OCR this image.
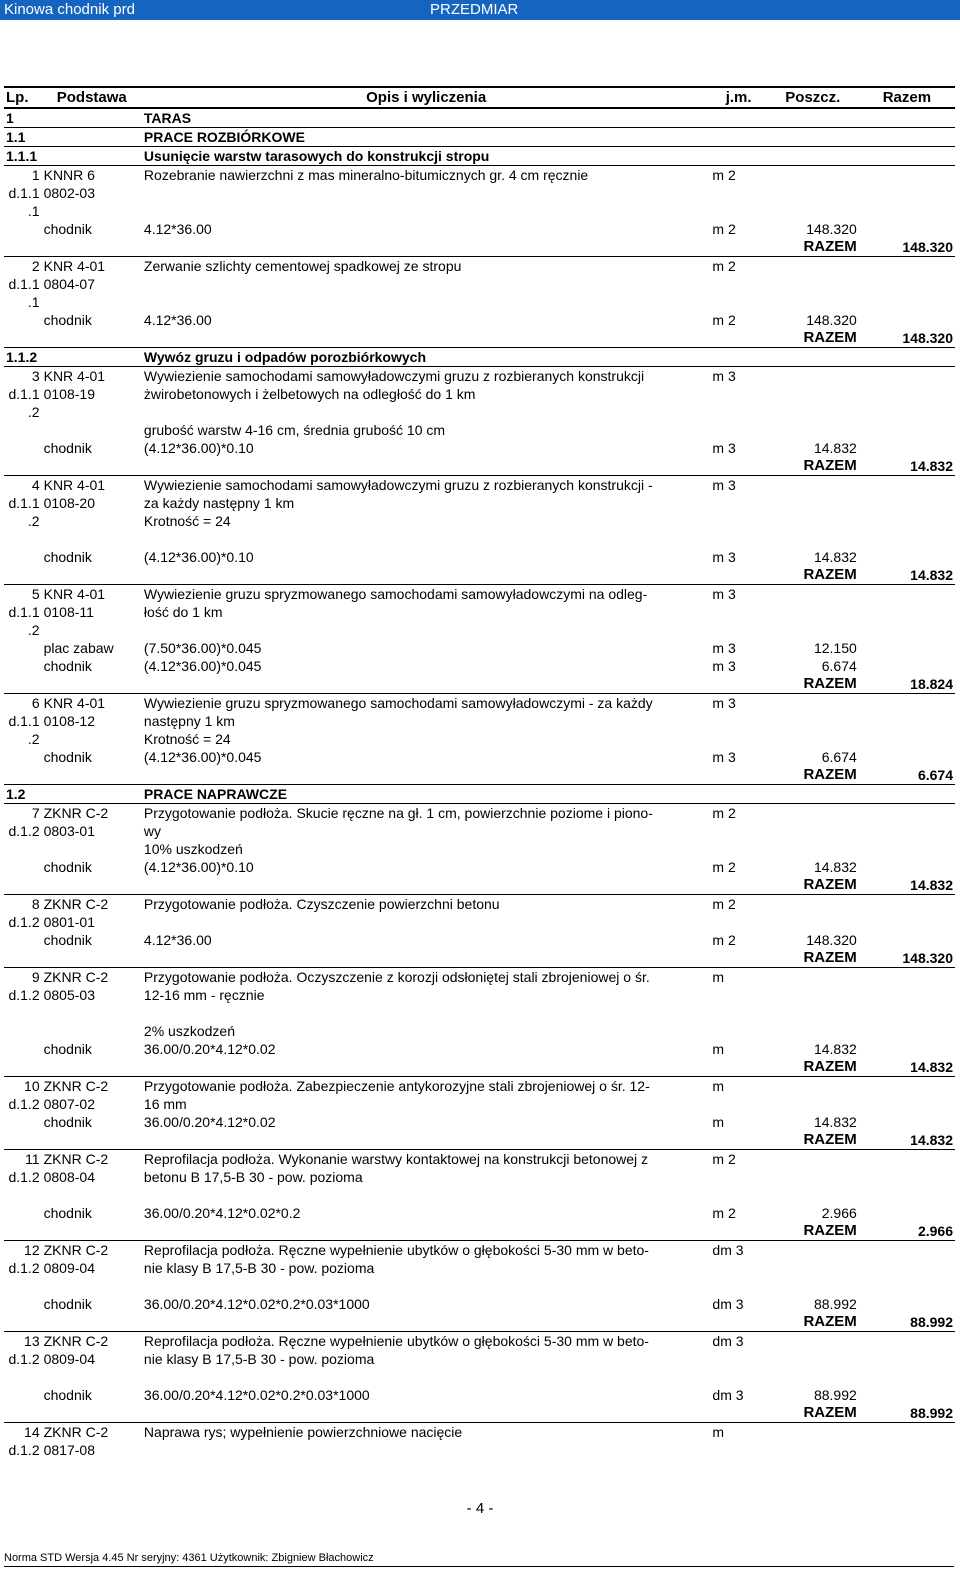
Kinowa chodnik prd	PRZEDMIAR
Lp.	Podstawa	Opis i wyliczenia	j.m.	Poszcz.	Razem
1		TARAS			
1.1		PRACE ROZBIÓRKOWE			
1.1.1		Usunięcie warstw tarasowych do konstrukcji stropu			
1	KNNR 6	Rozebranie nawierzchni z mas mineralno-bitumicznych gr. 4 cm ręcznie	m 2		
d.1.1	0802-03				
.1					
	chodnik	4.12*36.00	m 2	148.320	
				RAZEM	148.320
2	KNR 4-01	Zerwanie szlichty cementowej spadkowej ze stropu	m 2		
d.1.1	0804-07				
.1					
	chodnik	4.12*36.00	m 2	148.320	
				RAZEM	148.320
1.1.2		Wywóz gruzu i odpadów porozbiórkowych			
3	KNR 4-01	Wywiezienie samochodami samowyładowczymi gruzu z rozbieranych konstrukcji	m 3		
d.1.1	0108-19	żwirobetonowych i żelbetowych na odległość do 1 km			
.2					
		grubość warstw 4-16 cm, średnia grubość 10 cm			
	chodnik	(4.12*36.00)*0.10	m 3	14.832	
				RAZEM	14.832
4	KNR 4-01	Wywiezienie samochodami samowyładowczymi gruzu z rozbieranych konstrukcji -	m 3		
d.1.1	0108-20	za każdy następny 1 km			
.2		Krotność = 24			

	chodnik	(4.12*36.00)*0.10	m 3	14.832	
				RAZEM	14.832
5	KNR 4-01	Wywiezienie gruzu spryzmowanego samochodami samowyładowczymi na odleg-	m 3		
d.1.1	0108-11	łość do 1 km			
.2					
	plac zabaw	(7.50*36.00)*0.045	m 3	12.150	
	chodnik	(4.12*36.00)*0.045	m 3	6.674	
				RAZEM	18.824
6	KNR 4-01	Wywiezienie gruzu spryzmowanego samochodami samowyładowczymi - za każdy	m 3		
d.1.1	0108-12	następny 1 km			
.2		Krotność = 24			
	chodnik	(4.12*36.00)*0.045	m 3	6.674	
				RAZEM	6.674
1.2		PRACE NAPRAWCZE			
7	ZKNR C-2	Przygotowanie podłoża. Skucie ręczne na gł. 1 cm, powierzchnie poziome i piono-	m 2		
d.1.2	0803-01	wy			
		10% uszkodzeń			
	chodnik	(4.12*36.00)*0.10	m 2	14.832	
				RAZEM	14.832
8	ZKNR C-2	Przygotowanie podłoża. Czyszczenie powierzchni betonu	m 2		
d.1.2	0801-01				
	chodnik	4.12*36.00	m 2	148.320	
				RAZEM	148.320
9	ZKNR C-2	Przygotowanie podłoża. Oczyszczenie z korozji odsłoniętej stali zbrojeniowej o śr.	m		
d.1.2	0805-03	12-16 mm - ręcznie			

		2% uszkodzeń			
	chodnik	36.00/0.20*4.12*0.02	m	14.832	
				RAZEM	14.832
10	ZKNR C-2	Przygotowanie podłoża. Zabezpieczenie antykorozyjne stali zbrojeniowej o śr. 12-	m		
d.1.2	0807-02	16 mm			
	chodnik	36.00/0.20*4.12*0.02	m	14.832	
				RAZEM	14.832
11	ZKNR C-2	Reprofilacja podłoża. Wykonanie warstwy kontaktowej na konstrukcji betonowej z	m 2		
d.1.2	0808-04	betonu B 17,5-B 30 - pow. pozioma			

	chodnik	36.00/0.20*4.12*0.02*0.2	m 2	2.966	
				RAZEM	2.966
12	ZKNR C-2	Reprofilacja podłoża. Ręczne wypełnienie ubytków o głębokości 5-30 mm w beto-	dm 3		
d.1.2	0809-04	nie klasy B 17,5-B 30 - pow. pozioma			

	chodnik	36.00/0.20*4.12*0.02*0.2*0.03*1000	dm 3	88.992	
				RAZEM	88.992
13	ZKNR C-2	Reprofilacja podłoża. Ręczne wypełnienie ubytków o głębokości 5-30 mm w beto-	dm 3		
d.1.2	0809-04	nie klasy B 17,5-B 30 - pow. pozioma			

	chodnik	36.00/0.20*4.12*0.02*0.2*0.03*1000	dm 3	88.992	
				RAZEM	88.992
14	ZKNR C-2	Naprawa rys; wypełnienie powierzchniowe nacięcie	m		
d.1.2	0817-08				
- 4 -
Norma STD Wersja 4.45 Nr seryjny: 4361 Użytkownik: Zbigniew Błachowicz
